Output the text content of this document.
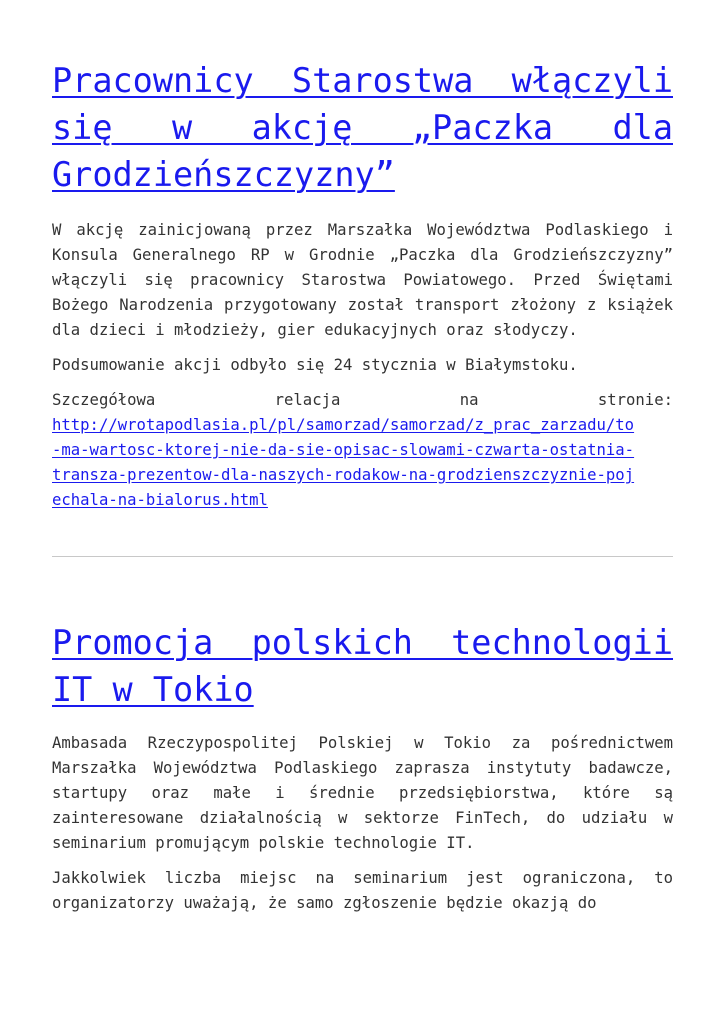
Pracownicy Starostwa włączyli się w akcję „Paczka dla Grodzieńszczyzny”

W akcję zainicjowaną przez Marszałka Województwa Podlaskiego i Konsula Generalnego RP w Grodnie „Paczka dla Grodzieńszczyzny” włączyli się pracownicy Starostwa Powiatowego. Przed Świętami Bożego Narodzenia przygotowany został transport złożony z książek dla dzieci i młodzieży, gier edukacyjnych oraz słodyczy.

Podsumowanie akcji odbyło się 24 stycznia w Białymstoku.

Szczegółowa	relacja	na	stronie:
http://wrotapodlasia.pl/pl/samorzad/samorzad/z_prac_zarzadu/to
-ma-wartosc-ktorej-nie-da-sie-opisac-slowami-czwarta-ostatnia-
transza-prezentow-dla-naszych-rodakow-na-grodzienszczyznie-poj
echala-na-bialorus.html

Promocja polskich technologii IT w Tokio

Ambasada Rzeczypospolitej Polskiej w Tokio za pośrednictwem Marszałka Województwa Podlaskiego zaprasza instytuty badawcze, startupy oraz małe i średnie przedsiębiorstwa, które są zainteresowane działalnością w sektorze FinTech, do udziału w seminarium promującym polskie technologie IT.

Jakkolwiek liczba miejsc na seminarium jest ograniczona, to organizatorzy uważają, że samo zgłoszenie będzie okazją do
